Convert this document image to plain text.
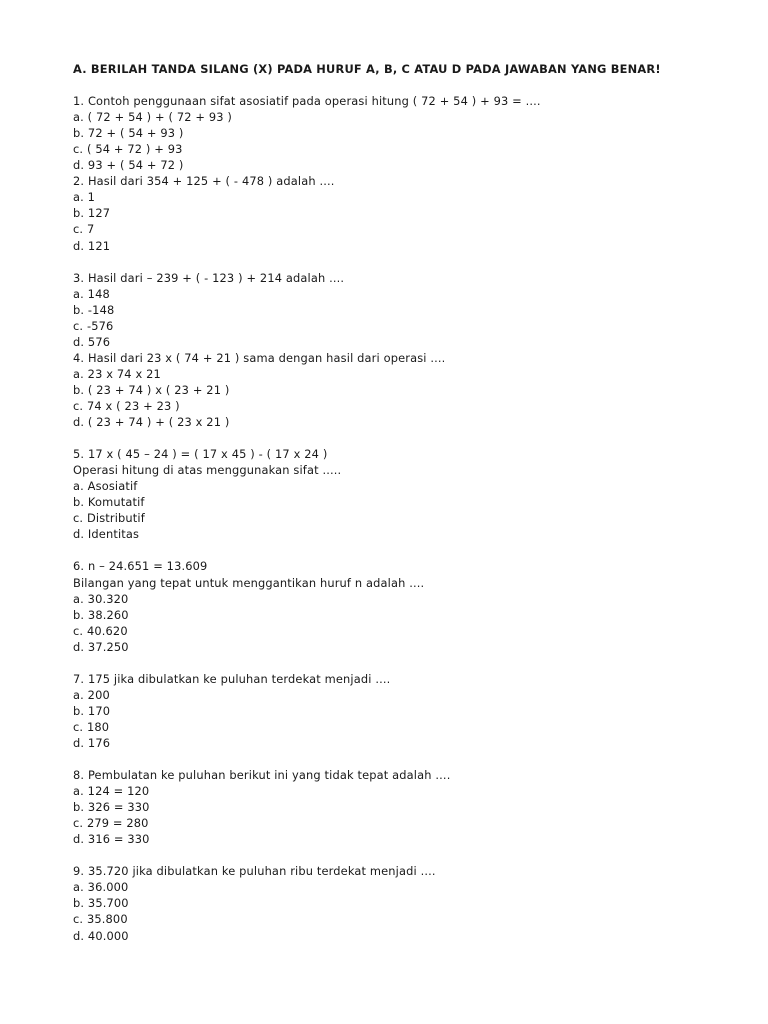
A. BERILAH TANDA SILANG (X) PADA HURUF A, B, C ATAU D PADA JAWABAN YANG BENAR!
1. Contoh penggunaan sifat asosiatif pada operasi hitung ( 72 + 54 ) + 93 = ....
a. ( 72 + 54 ) + ( 72 + 93 )
b. 72 + ( 54 + 93 )
c. ( 54 + 72 ) + 93
d. 93 + ( 54 + 72 )
2. Hasil dari 354 + 125 + ( - 478 ) adalah ....
a. 1
b. 127
c. 7
d. 121
3. Hasil dari – 239 + ( - 123 ) + 214 adalah ....
a. 148
b. -148
c. -576
d. 576
4. Hasil dari 23 x ( 74 + 21 ) sama dengan hasil dari operasi ....
a. 23 x 74 x 21
b. ( 23 + 74 ) x ( 23 + 21 )
c. 74 x ( 23 + 23 )
d. ( 23 + 74 ) + ( 23 x 21 )
5. 17 x ( 45 – 24 ) = ( 17 x 45 ) - ( 17 x 24 )
Operasi hitung di atas menggunakan sifat .....
a. Asosiatif
b. Komutatif
c. Distributif
d. Identitas
6. n – 24.651 = 13.609
Bilangan yang tepat untuk menggantikan huruf n adalah ....
a. 30.320
b. 38.260
c. 40.620
d. 37.250
7. 175 jika dibulatkan ke puluhan terdekat menjadi ....
a. 200
b. 170
c. 180
d. 176
8. Pembulatan ke puluhan berikut ini yang tidak tepat adalah ....
a. 124 = 120
b. 326 = 330
c. 279 = 280
d. 316 = 330
9. 35.720 jika dibulatkan ke puluhan ribu terdekat menjadi ....
a. 36.000
b. 35.700
c. 35.800
d. 40.000
